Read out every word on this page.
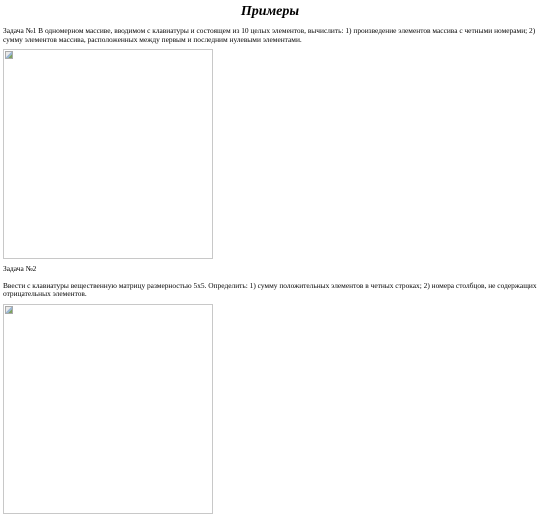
Примеры

Задача №1 В одномерном массиве, вводимом с клавиатуры и состоящем из 10 целых элементов, вычислить: 1) произведение элементов массива с четными номерами; 2) сумму элементов массива, расположенных между первым и последним нулевыми элементами.

Задача №2

Ввести с клавиатуры вещественную матрицу размерностью 5x5. Определить: 1) сумму положительных элементов в четных строках; 2) номера столбцов, не содержащих отрицательных элементов.
